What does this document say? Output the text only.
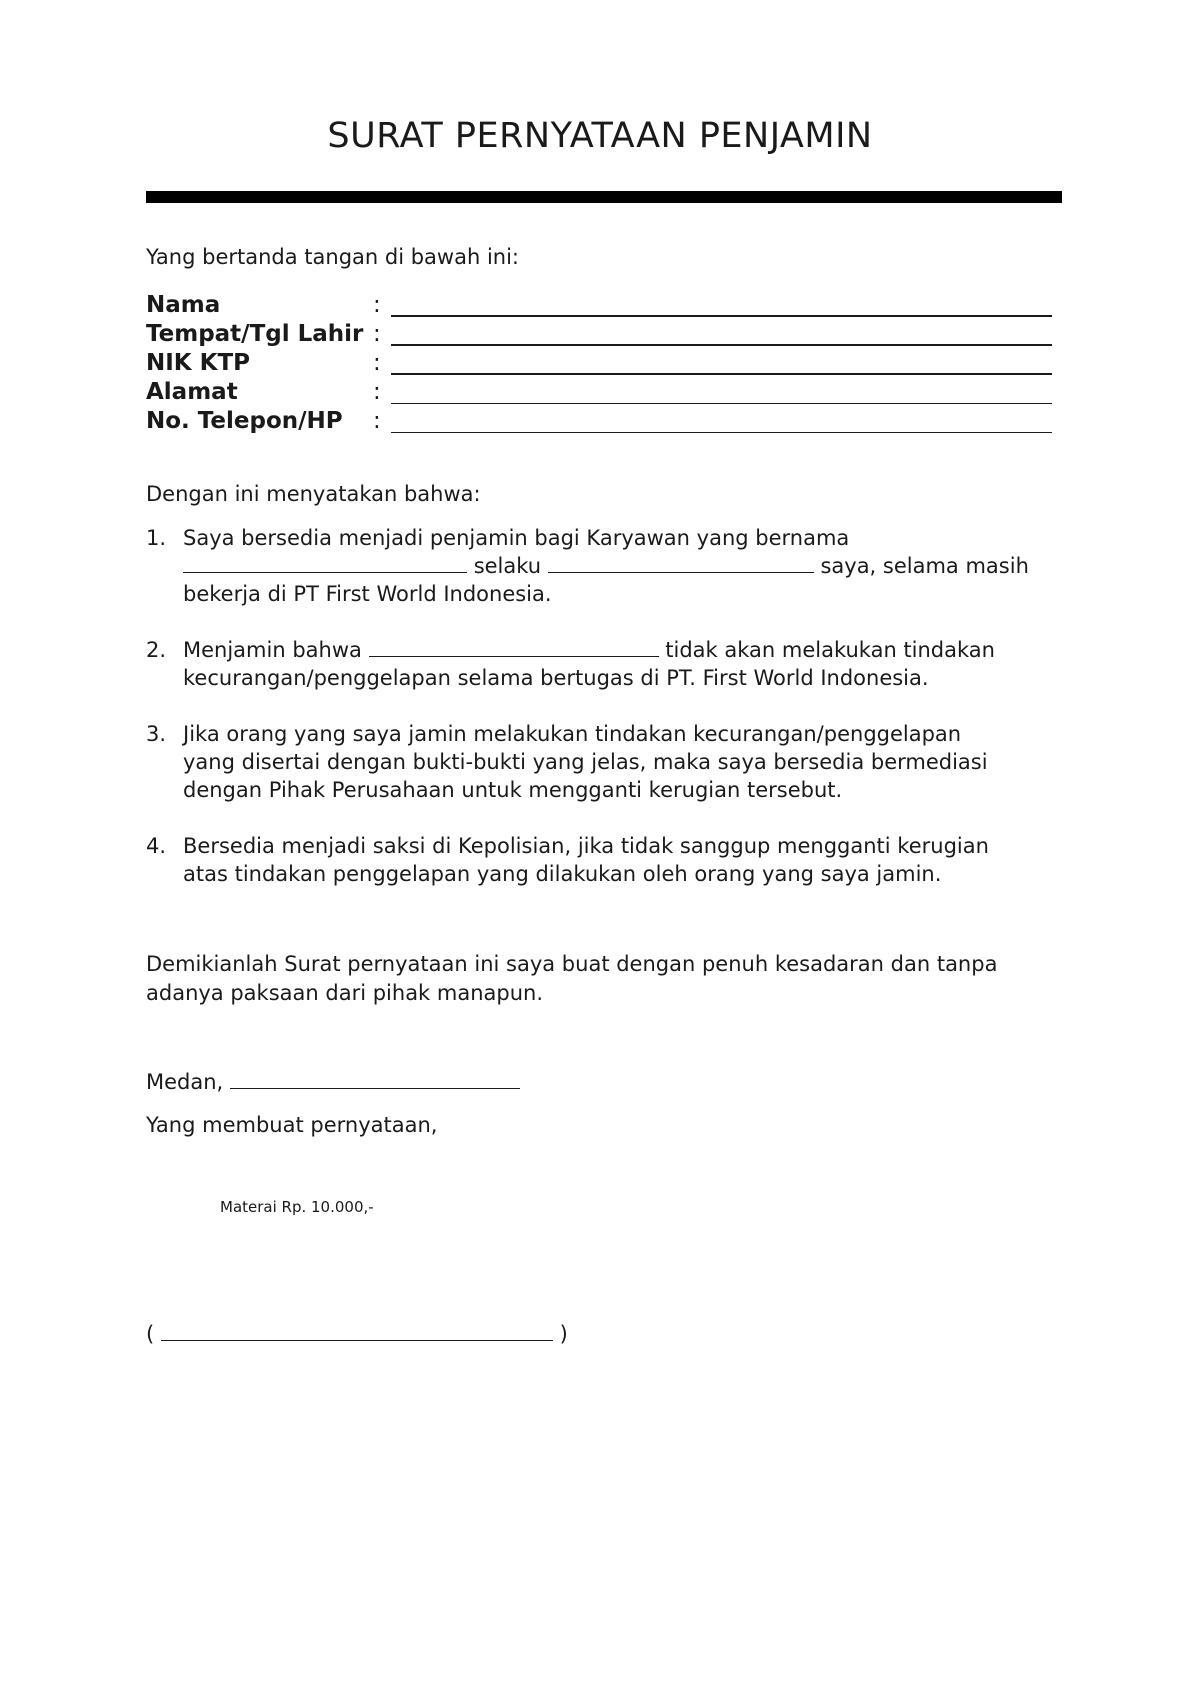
SURAT PERNYATAAN PENJAMIN
Yang bertanda tangan di bawah ini:
Nama	:
Tempat/Tgl Lahir :
NIK KTP	:
Alamat	:
No. Telepon/HP :
Dengan ini menyatakan bahwa:
1. Saya bersedia menjadi penjamin bagi Karyawan yang bernama
selaku	saya, selama masih
bekerja di PT First World Indonesia.
2. Menjamin bahwa	tidak akan melakukan tindakan
kecurangan/penggelapan selama bertugas di PT. First World Indonesia.
3. Jika orang yang saya jamin melakukan tindakan kecurangan/penggelapan
yang disertai dengan bukti-bukti yang jelas, maka saya bersedia bermediasi
dengan Pihak Perusahaan untuk mengganti kerugian tersebut.
4. Bersedia menjadi saksi di Kepolisian, jika tidak sanggup mengganti kerugian
atas tindakan penggelapan yang dilakukan oleh orang yang saya jamin.
Demikianlah Surat pernyataan ini saya buat dengan penuh kesadaran dan tanpa
adanya paksaan dari pihak manapun.
Medan,
Yang membuat pernyataan,
Materai Rp. 10.000,-
(	)
